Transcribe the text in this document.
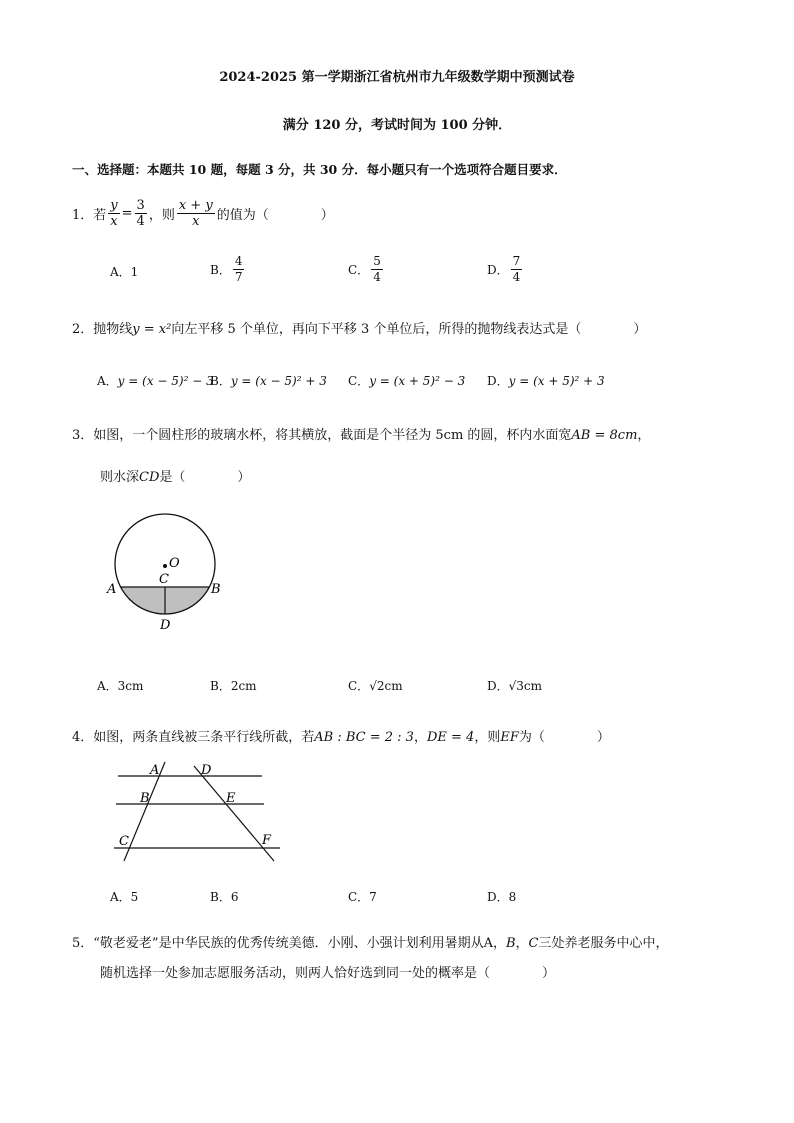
2024-2025 第一学期浙江省杭州市九年级数学期中预测试卷
满分 120 分，考试时间为 100 分钟．
一、选择题：本题共 10 题，每题 3 分，共 30 分．每小题只有一个选项符合题目要求．
1．若 $\frac{y}{x} = \frac{3}{4}$ ，则 $\frac{x + y}{x}$ 的值为（	）
A．1	B． $\frac{4}{7}$	C． $\frac{5}{4}$	D． $\frac{7}{4}$
2．抛物线y = x²向左平移 5 个单位，再向下平移 3 个单位后，所得的抛物线表达式是（	）
A．y = (x − 5)² − 3
B．y = (x − 5)² + 3 C．y = (x + 5)² − 3 D．y = (x + 5)² + 3
3．如图，一个圆柱形的玻璃水杯，将其横放，截面是个半径为 5cm 的圆，杯内水面宽AB = 8cm，
则水深CD是（	）
O
C
A	B
D
A．3cm	B．2cm	C．√2cm	D．√3cm
4．如图，两条直线被三条平行线所截，若AB : BC = 2 : 3，DE = 4，则EF为（	）
A
B
C
D
E
F
A．5	B．6	C．7	D．8
5．“敬老爱老”是中华民族的优秀传统美德．小刚、小强计划利用暑期从A，B，C三处养老服务中心中，
随机选择一处参加志愿服务活动，则两人恰好选到同一处的概率是（	）
